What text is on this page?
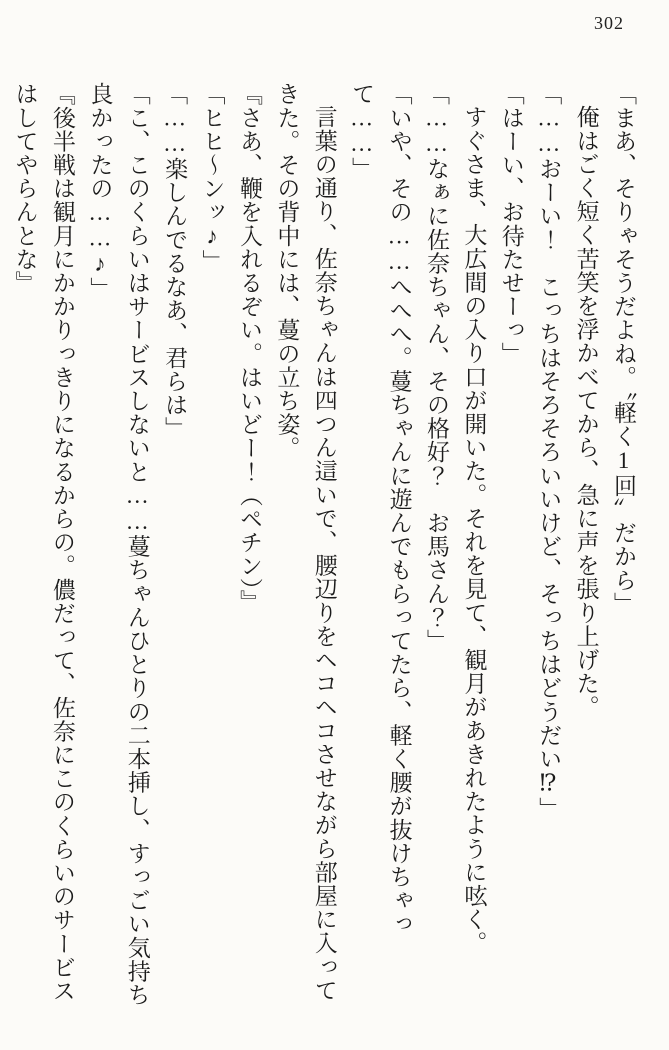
302

「まあ、そりゃそうだよね。〝軽く1回〟だから」

俺はごく短く苦笑を浮かべてから、急に声を張り上げた。

「……おーい！　こっちはそろそろいいけど、そっちはどうだい⁉」

「はーい、お待たせーっ」

すぐさま、大広間の入り口が開いた。それを見て、観月があきれたように呟く。

「……なぁに佐奈ちゃん、その格好？　お馬さん？」

「いや、その……へへへ。蔓ちゃんに遊んでもらってたら、軽く腰が抜けちゃって……」

言葉の通り、佐奈ちゃんは四つん這いで、腰辺りをヘコヘコさせながら部屋に入ってきた。その背中には、蔓の立ち姿。

『さあ、鞭を入れるぞい。はいどー！（ペチン）』

「ヒヒ〜ンッ♪」

「……楽しんでるなあ、君らは」

「こ、このくらいはサービスしないと……蔓ちゃんひとりの二本挿し、すっごい気持ち良かったの……♪」

『後半戦は観月にかかりっきりになるからの。儂だって、佐奈にこのくらいのサービスはしてやらんとな』
